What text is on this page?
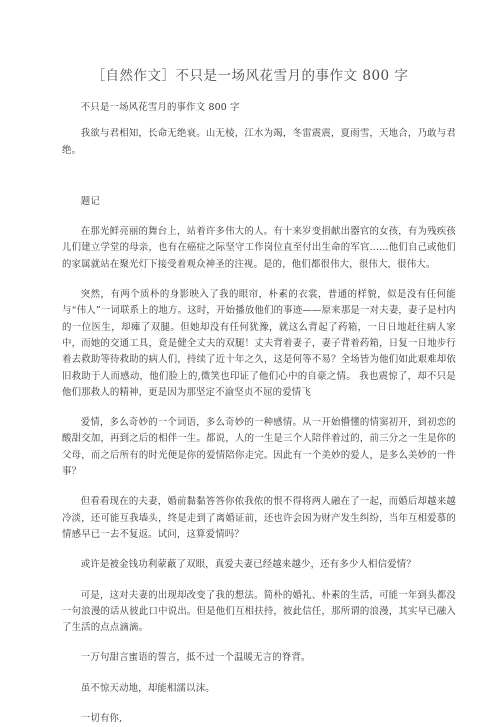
［自然作文］不只是一场风花雪月的事作文 800 字

不只是一场风花雪月的事作文 800 字

我欲与君相知，长命无绝衰。山无棱，江水为竭，冬雷震震，夏雨雪，天地合，乃敢与君绝。

题记

在那光鲜亮丽的舞台上，站着许多伟大的人。有十来岁变捐献出器官的女孩，有为残疾孩儿们建立学堂的母亲，也有在癌症之际坚守工作岗位直至付出生命的军官……他们自己或他们的家属就站在聚光灯下接受着观众神圣的注视。是的，他们都很伟大，很伟大，很伟大。

突然，有两个质朴的身影映入了我的眼帘，朴素的衣裳，普通的样貌，似是没有任何能与“伟人”一词联系上的地方。这时，开始播放他们的事迹——原来那是一对夫妻，妻子是村内的一位医生，却瘫了双腿。但她却没有任何犹豫，就这么背起了药箱，一日日地赶往病人家中，而她的交通工具，竟是健全丈夫的双腿！丈夫背着妻子，妻子背着药箱，日复一日地步行着去救助等待救助的病人们，持续了近十年之久，这是何等不易？全场皆为他们如此艰难却依旧救助于人而感动，他们脸上的,微笑也印证了他们心中的自豪之情。 我也震惊了，却不只是他们那救人的精神，更是因为那坚定不渝坚贞不屈的爱情飞

爱情，多么奇妙的一个词语，多么奇妙的一种感情。从一开始懵懂的情窦初开，到初恋的酸甜交加，再到之后的相伴一生。都说，人的一生是三个人陪伴着过的，前三分之一生是你的父母，而之后所有的时光便是你的爱情陪你走完。因此有一个美妙的爱人，是多么美妙的一件事？

但看看现在的夫妻，婚前黏黏答答你侬我侬的恨不得将两人融在了一起，而婚后却越来越冷淡，还可能互我墙头，终是走到了离婚证前，还也许会因为财产发生纠纷，当年互相爱慕的情感早已一去不复返。试问，这算爱情吗？

或许是被金钱功利蒙蔽了双眼，真爱夫妻已经越来越少，还有多少人相信爱情？

可是，这对夫妻的出现却改变了我的想法。简朴的婚礼、朴素的生活，可能一年到头都没一句浪漫的话从彼此口中说出。但是他们互相扶持，彼此信任，那所谓的浪漫，其实早已融入了生活的点点滴滴。

一万句甜言蜜语的誓言，抵不过一个温暖无言的脊背。

虽不惊天动地，却能相濡以沫。

一切有你,
